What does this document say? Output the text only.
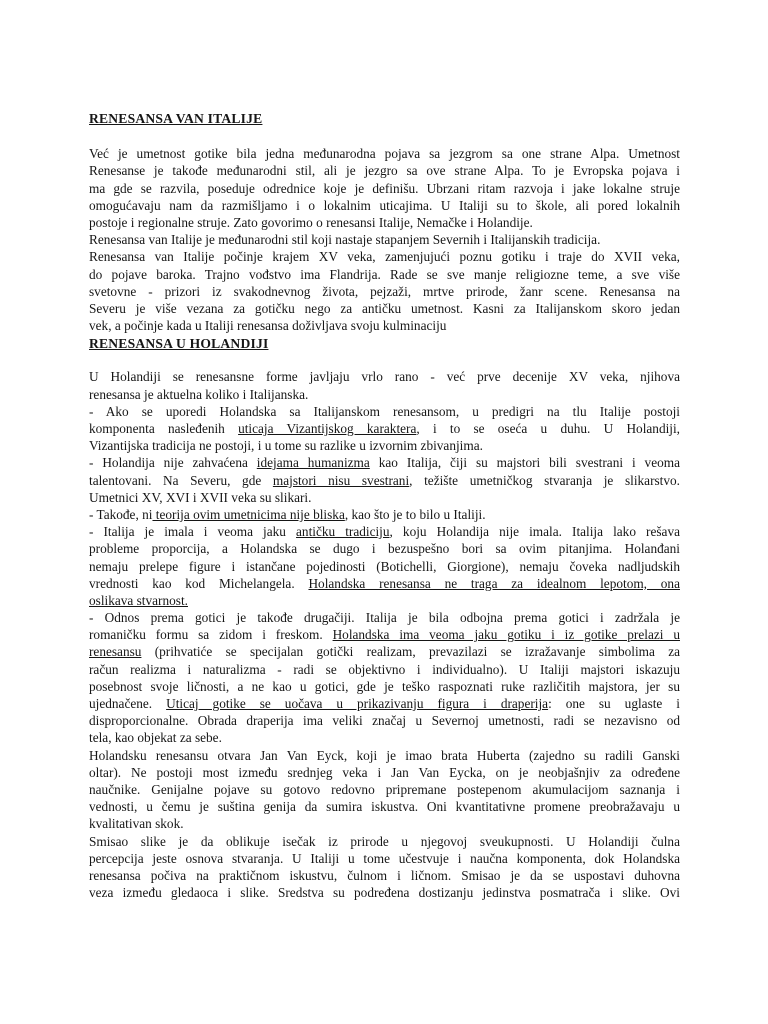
RENESANSA VAN ITALIJE

Već je umetnost gotike bila jedna međunarodna pojava sa jezgrom sa one strane Alpa. Umetnost
Renesanse je takođe međunarodni stil, ali je jezgro sa ove strane Alpa. To je Evropska pojava i
ma gde se razvila, poseduje odrednice koje je definišu. Ubrzani ritam razvoja i jake lokalne struje
omogućavaju nam da razmišljamo i o lokalnim uticajima. U Italiji su to škole, ali pored lokalnih
postoje i regionalne struje. Zato govorimo o renesansi Italije, Nemačke i Holandije.
Renesansa van Italije je međunarodni stil koji nastaje stapanjem Severnih i Italijanskih tradicija.
Renesansa van Italije počinje krajem XV veka, zamenjujući poznu gotiku i traje do XVII veka,
do pojave baroka. Trajno vođstvo ima Flandrija. Rade se sve manje religiozne teme, a sve više
svetovne - prizori iz svakodnevnog života, pejzaži, mrtve prirode, žanr scene. Renesansa na
Severu je više vezana za gotičku nego za antičku umetnost. Kasni za Italijanskom skoro jedan
vek, a počinje kada u Italiji renesansa doživljava svoju kulminaciju

RENESANSA U HOLANDIJI

U Holandiji se renesansne forme javljaju vrlo rano - već prve decenije XV veka, njihova
renesansa je aktuelna koliko i Italijanska.
- Ako se uporedi Holandska sa Italijanskom renesansom, u predigri na tlu Italije postoji
komponenta nasleđenih uticaja Vizantijskog karaktera, i to se oseća u duhu. U Holandiji,
Vizantijska tradicija ne postoji, i u tome su razlike u izvornim zbivanjima.
- Holandija nije zahvaćena idejama humanizma kao Italija, čiji su majstori bili svestrani i veoma
talentovani. Na Severu, gde majstori nisu svestrani, težište umetničkog stvaranja je slikarstvo.
Umetnici XV, XVI i XVII veka su slikari.
- Takođe, ni teorija ovim umetnicima nije bliska, kao što je to bilo u Italiji.
- Italija je imala i veoma jaku antičku tradiciju, koju Holandija nije imala. Italija lako rešava
probleme proporcija, a Holandska se dugo i bezuspešno bori sa ovim pitanjima. Holanđani
nemaju prelepe figure i istančane pojedinosti (Botichelli, Giorgione), nemaju čoveka nadljudskih
vrednosti kao kod Michelangela. Holandska renesansa ne traga za idealnom lepotom, ona
oslikava stvarnost.
- Odnos prema gotici je takođe drugačiji. Italija je bila odbojna prema gotici i zadržala je
romaničku formu sa zidom i freskom. Holandska ima veoma jaku gotiku i iz gotike prelazi u
renesansu (prihvatiće se specijalan gotički realizam, prevazilazi se izražavanje simbolima za
račun realizma i naturalizma - radi se objektivno i individualno). U Italiji majstori iskazuju
posebnost svoje ličnosti, a ne kao u gotici, gde je teško raspoznati ruke različitih majstora, jer su
ujednačene. Uticaj gotike se uočava u prikazivanju figura i draperija: one su uglaste i
disproporcionalne. Obrada draperija ima veliki značaj u Severnoj umetnosti, radi se nezavisno od
tela, kao objekat za sebe.
Holandsku renesansu otvara Jan Van Eyck, koji je imao brata Huberta (zajedno su radili Ganski
oltar). Ne postoji most između srednjeg veka i Jan Van Eycka, on je neobjašnjiv za određene
naučnike. Genijalne pojave su gotovo redovno pripremane postepenom akumulacijom saznanja i
vednosti, u čemu je suština genija da sumira iskustva. Oni kvantitativne promene preobražavaju u
kvalitativan skok.
Smisao slike je da oblikuje isečak iz prirode u njegovoj sveukupnosti. U Holandiji čulna
percepcija jeste osnova stvaranja. U Italiji u tome učestvuje i naučna komponenta, dok Holandska
renesansa počiva na praktičnom iskustvu, čulnom i ličnom. Smisao je da se uspostavi duhovna
veza između gledaoca i slike. Sredstva su podređena dostizanju jedinstva posmatrača i slike. Ovi
